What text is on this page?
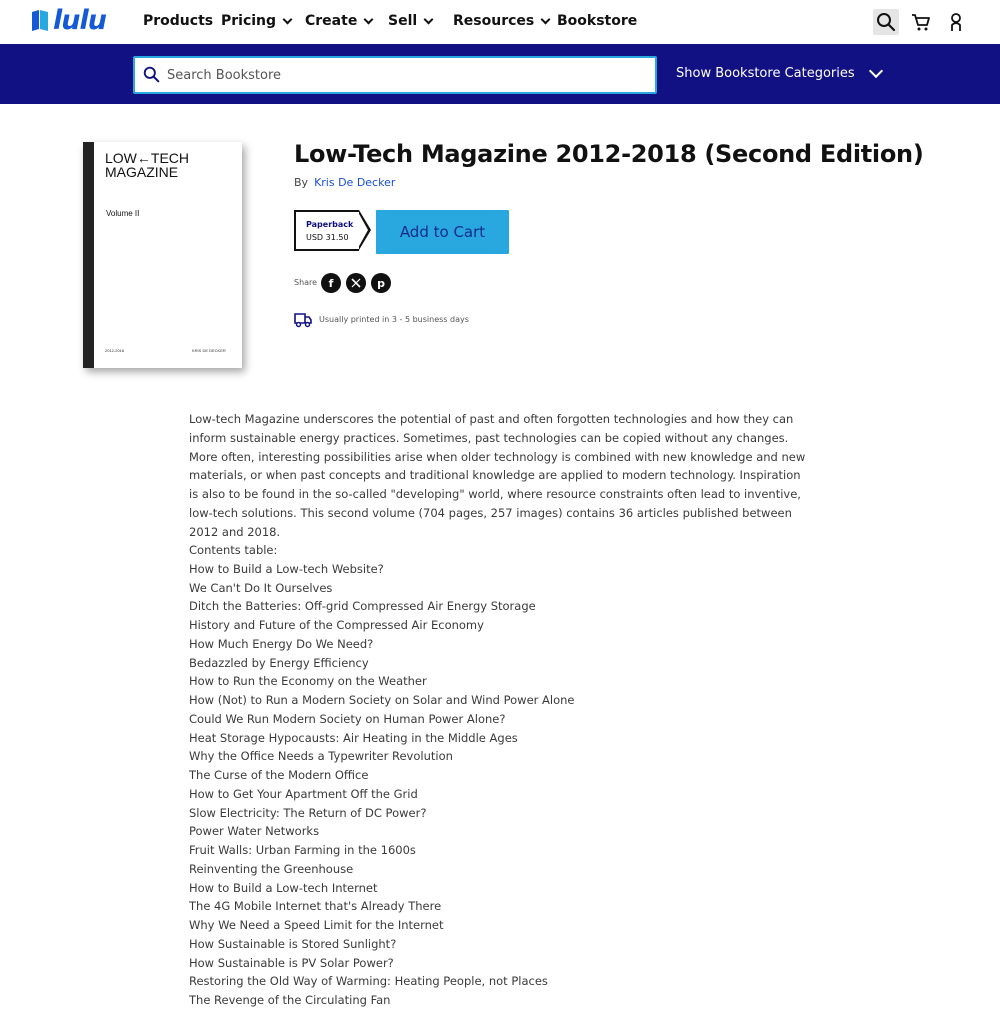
lulu	Products Pricing Create Sell	Resources Bookstore
Search Bookstore
Show Bookstore Categories
LOW←TECH
MAGAZINE
Volume II
2012-2018	KRIS DE DECKER
Low-Tech Magazine 2012-2018 (Second Edition)
By Kris De Decker
Paperback
USD 31.50	Add to Cart
Share	f	p
Usually printed in 3 - 5 business days

Low-tech Magazine underscores the potential of past and often forgotten technologies and how they can inform sustainable energy practices. Sometimes, past technologies can be copied without any changes. More often, interesting possibilities arise when older technology is combined with new knowledge and new materials, or when past concepts and traditional knowledge are applied to modern technology. Inspiration is also to be found in the so-called "developing" world, where resource constraints often lead to inventive, low-tech solutions. This second volume (704 pages, 257 images) contains 36 articles published between 2012 and 2018.

Contents table:
How to Build a Low-tech Website?
We Can't Do It Ourselves
Ditch the Batteries: Off-grid Compressed Air Energy Storage
History and Future of the Compressed Air Economy
How Much Energy Do We Need?
Bedazzled by Energy Efficiency
How to Run the Economy on the Weather
How (Not) to Run a Modern Society on Solar and Wind Power Alone
Could We Run Modern Society on Human Power Alone?
Heat Storage Hypocausts: Air Heating in the Middle Ages
Why the Office Needs a Typewriter Revolution
The Curse of the Modern Office
How to Get Your Apartment Off the Grid
Slow Electricity: The Return of DC Power?
Power Water Networks
Fruit Walls: Urban Farming in the 1600s
Reinventing the Greenhouse
How to Build a Low-tech Internet
The 4G Mobile Internet that's Already There
Why We Need a Speed Limit for the Internet
How Sustainable is Stored Sunlight?
How Sustainable is PV Solar Power?
Restoring the Old Way of Warming: Heating People, not Places
The Revenge of the Circulating Fan
